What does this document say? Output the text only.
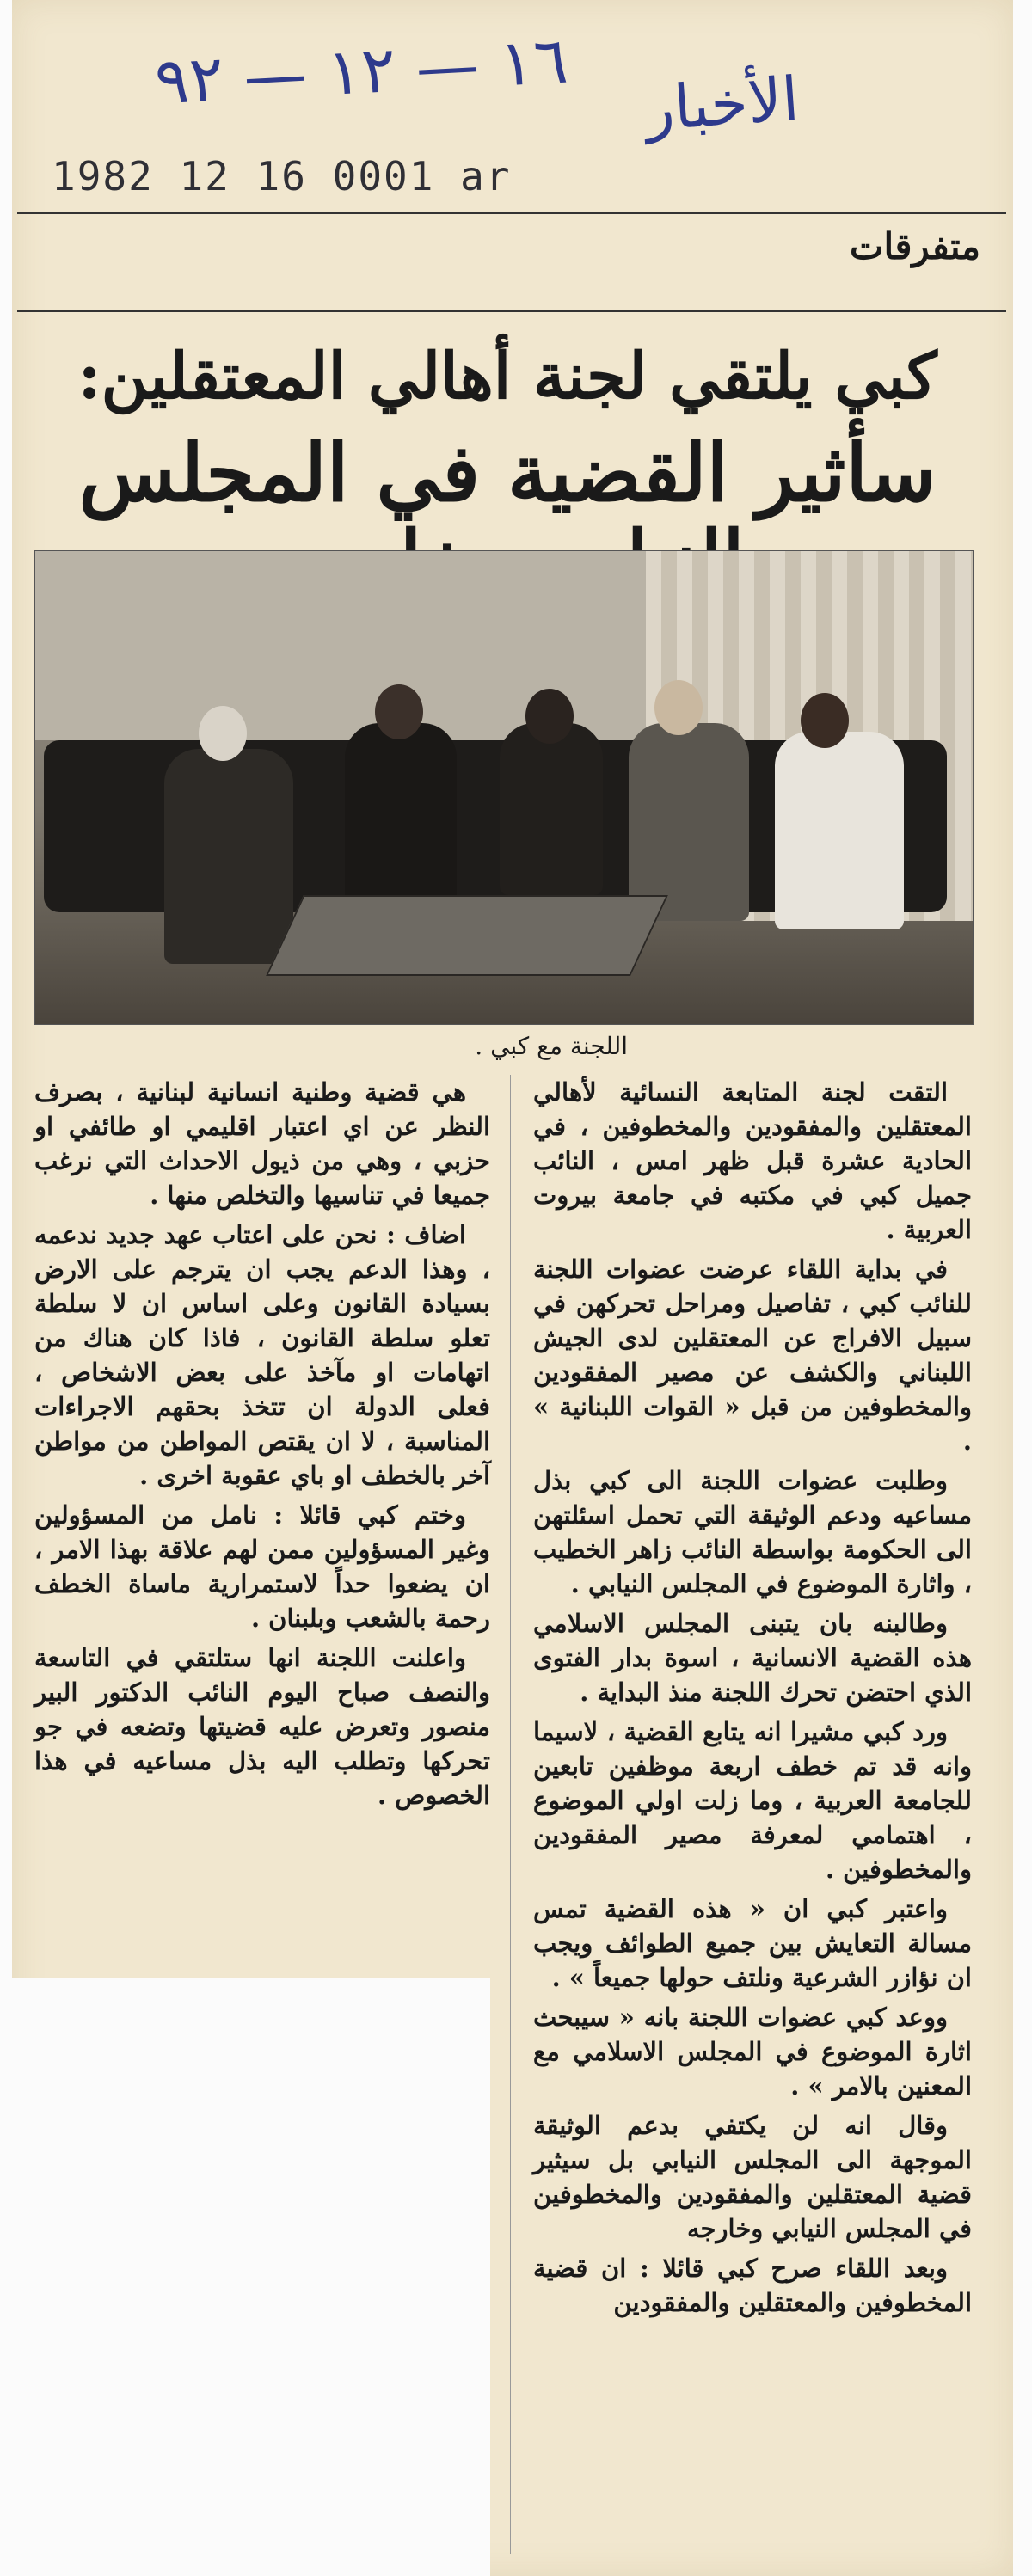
١٦ — ١٢ — ٩٢
الأخبار
1982 12 16 0001 ar
متفرقات
كبي يلتقي لجنة أهالي المعتقلين:
سأثير القضية في المجلس
اللجنة مع كبي .

التقت لجنة المتابعة النسائية لأهالي المعتقلين والمفقودين والمخطوفين ، في الحادية عشرة قبل ظهر امس ، النائب جميل كبي في مكتبه في جامعة بيروت العربية .

في بداية اللقاء عرضت عضوات اللجنة للنائب كبي ، تفاصيل ومراحل تحركهن في سبيل الافراج عن المعتقلين لدى الجيش اللبناني والكشف عن مصير المفقودين والمخطوفين من قبل « القوات اللبنانية » .

وطلبت عضوات اللجنة الى كبي بذل مساعيه ودعم الوثيقة التي تحمل اسئلتهن الى الحكومة بواسطة النائب زاهر الخطيب ، واثارة الموضوع في المجلس النيابي .

وطالبنه بان يتبنى المجلس الاسلامي هذه القضية الانسانية ، اسوة بدار الفتوى الذي احتضن تحرك اللجنة منذ البداية .

ورد كبي مشيرا انه يتابع القضية ، لاسيما وانه قد تم خطف اربعة موظفين تابعين للجامعة العربية ، وما زلت اولي الموضوع ، اهتمامي لمعرفة مصير المفقودين والمخطوفين .

واعتبر كبي ان « هذه القضية تمس مسالة التعايش بين جميع الطوائف ويجب ان نؤازر الشرعية ونلتف حولها جميعاً » .

ووعد كبي عضوات اللجنة بانه « سيبحث اثارة الموضوع في المجلس الاسلامي مع المعنين بالامر » .

وقال انه لن يكتفي بدعم الوثيقة الموجهة الى المجلس النيابي بل سيثير قضية المعتقلين والمفقودين والمخطوفين في المجلس النيابي وخارجه

وبعد اللقاء صرح كبي قائلا : ان قضية المخطوفين والمعتقلين والمفقودين

هي قضية وطنية انسانية لبنانية ، بصرف النظر عن اي اعتبار اقليمي او طائفي او حزبي ، وهي من ذيول الاحداث التي نرغب جميعا في تناسيها والتخلص منها .

اضاف : نحن على اعتاب عهد جديد ندعمه ، وهذا الدعم يجب ان يترجم على الارض بسيادة القانون وعلى اساس ان لا سلطة تعلو سلطة القانون ، فاذا كان هناك من اتهامات او مآخذ على بعض الاشخاص ، فعلى الدولة ان تتخذ بحقهم الاجراءات المناسبة ، لا ان يقتص المواطن من مواطن آخر بالخطف او باي عقوبة اخرى .

وختم كبي قائلا : نامل من المسؤولين وغير المسؤولين ممن لهم علاقة بهذا الامر ، ان يضعوا حداً لاستمرارية ماساة الخطف رحمة بالشعب وبلبنان .

واعلنت اللجنة انها ستلتقي في التاسعة والنصف صباح اليوم النائب الدكتور البير منصور وتعرض عليه قضيتها وتضعه في جو تحركها وتطلب اليه بذل مساعيه في هذا الخصوص .
